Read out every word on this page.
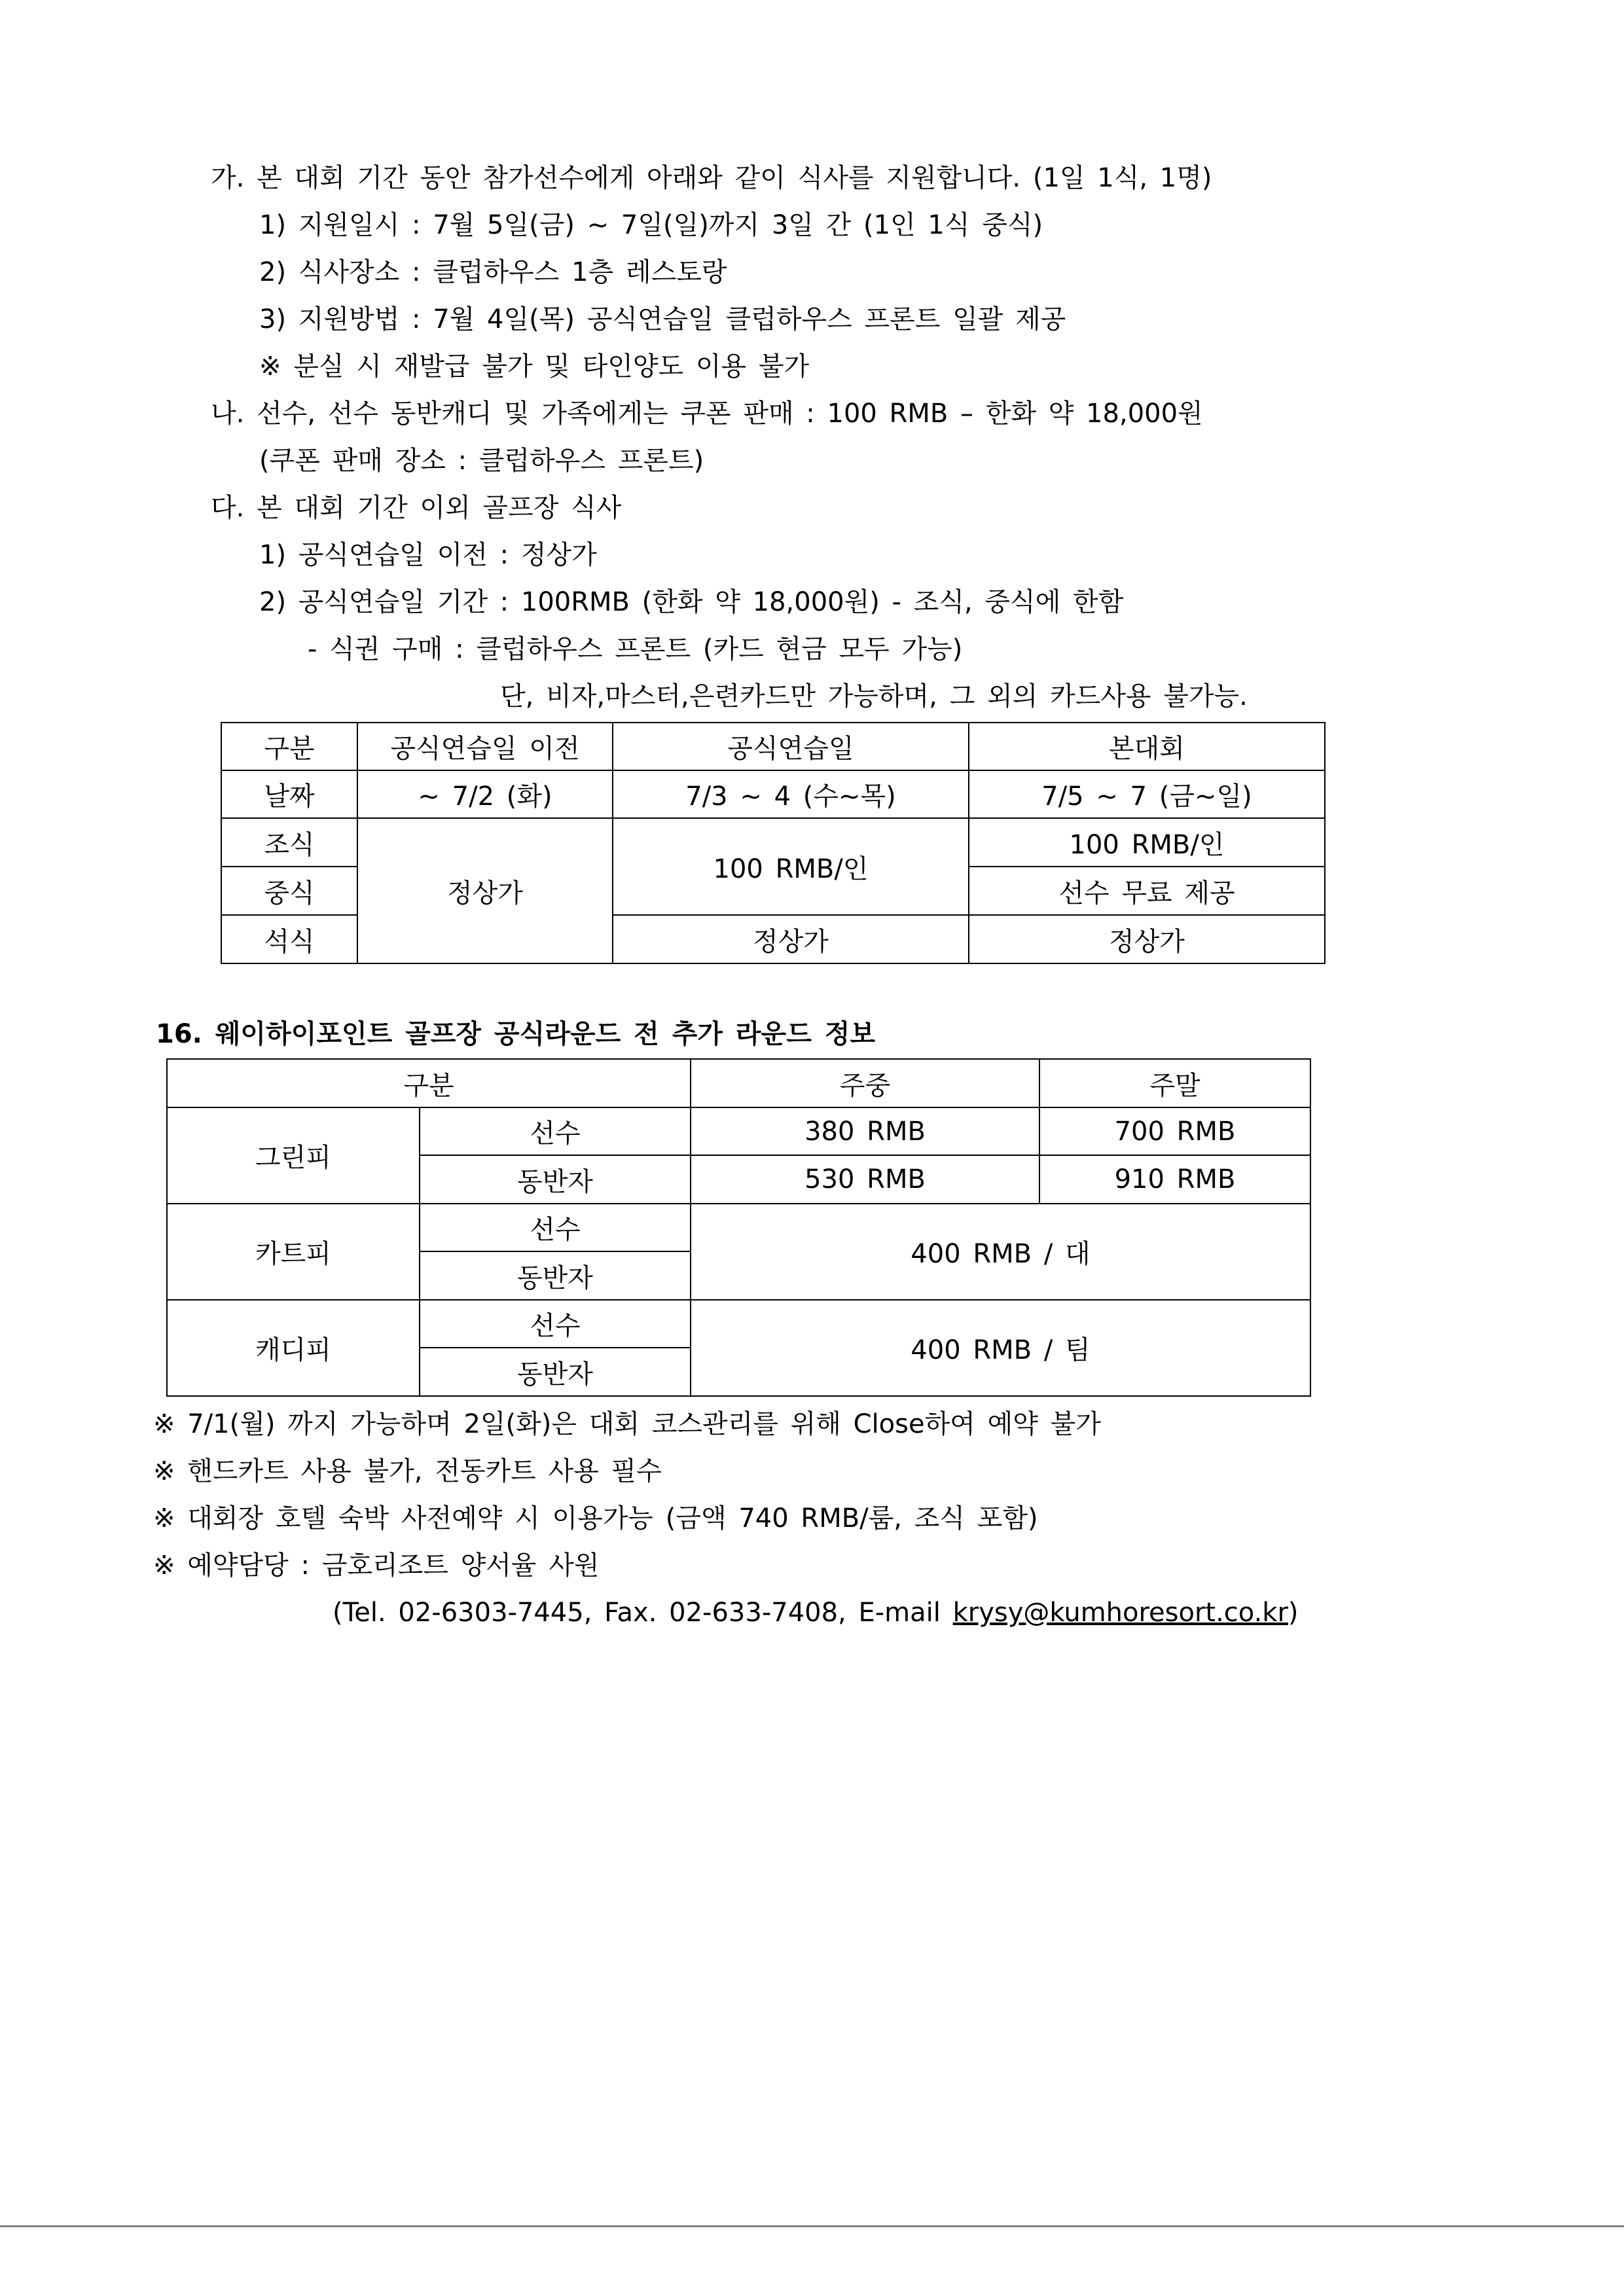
가. 본 대회 기간 동안 참가선수에게 아래와 같이 식사를 지원합니다. (1일 1식, 1명)
1) 지원일시 : 7월 5일(금) ~ 7일(일)까지 3일 간 (1인 1식 중식)
2) 식사장소 : 클럽하우스 1층 레스토랑
3) 지원방법 : 7월 4일(목) 공식연습일 클럽하우스 프론트 일괄 제공
※ 분실 시 재발급 불가 및 타인양도 이용 불가
나. 선수, 선수 동반캐디 및 가족에게는 쿠폰 판매 : 100 RMB – 한화 약 18,000원
(쿠폰 판매 장소 : 클럽하우스 프론트)
다. 본 대회 기간 이외 골프장 식사
1) 공식연습일 이전 : 정상가
2) 공식연습일 기간 : 100RMB (한화 약 18,000원) - 조식, 중식에 한함
- 식권 구매 : 클럽하우스 프론트 (카드 현금 모두 가능)
단, 비자,마스터,은련카드만 가능하며, 그 외의 카드사용 불가능.
구분	공식연습일 이전	공식연습일	본대회
날짜	~ 7/2 (화)	7/3 ~ 4 (수~목)	7/5 ~ 7 (금~일)
조식	정상가	100 RMB/인	100 RMB/인
중식			선수 무료 제공
석식		정상가	정상가
16. 웨이하이포인트 골프장 공식라운드 전 추가 라운드 정보
구분		주중	주말
그린피	선수	380 RMB	700 RMB
	동반자	530 RMB	910 RMB
카트피	선수	400 RMB / 대	
	동반자		
캐디피	선수	400 RMB / 팀	
	동반자		
※ 7/1(월) 까지 가능하며 2일(화)은 대회 코스관리를 위해 Close하여 예약 불가
※ 핸드카트 사용 불가, 전동카트 사용 필수
※ 대회장 호텔 숙박 사전예약 시 이용가능 (금액 740 RMB/룸, 조식 포함)
※ 예약담당 : 금호리조트 양서율 사원
(Tel. 02-6303-7445, Fax. 02-633-7408, E-mail krysy@kumhoresort.co.kr)
